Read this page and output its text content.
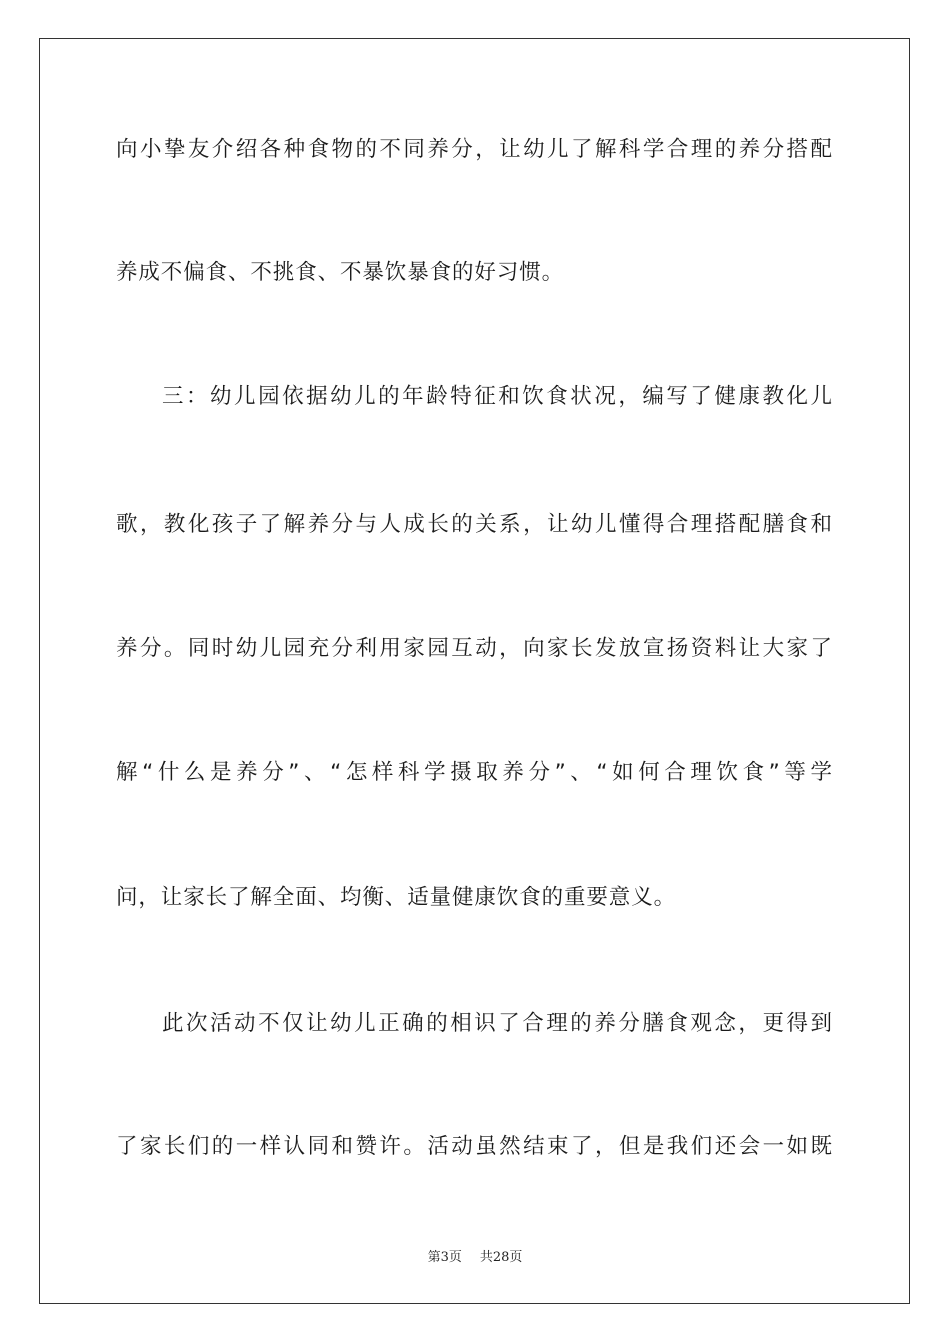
向小挚友介绍各种食物的不同养分，让幼儿了解科学合理的养分搭配
养成不偏食、不挑食、不暴饮暴食的好习惯。
三：幼儿园依据幼儿的年龄特征和饮食状况，编写了健康教化儿
歌，教化孩子了解养分与人成长的关系，让幼儿懂得合理搭配膳食和
养分。同时幼儿园充分利用家园互动，向家长发放宣扬资料让大家了
解“什么是养分”、“怎样科学摄取养分”、“如何合理饮食”等学
问，让家长了解全面、均衡、适量健康饮食的重要意义。
此次活动不仅让幼儿正确的相识了合理的养分膳食观念，更得到
了家长们的一样认同和赞许。活动虽然结束了，但是我们还会一如既
第3页 共28页
